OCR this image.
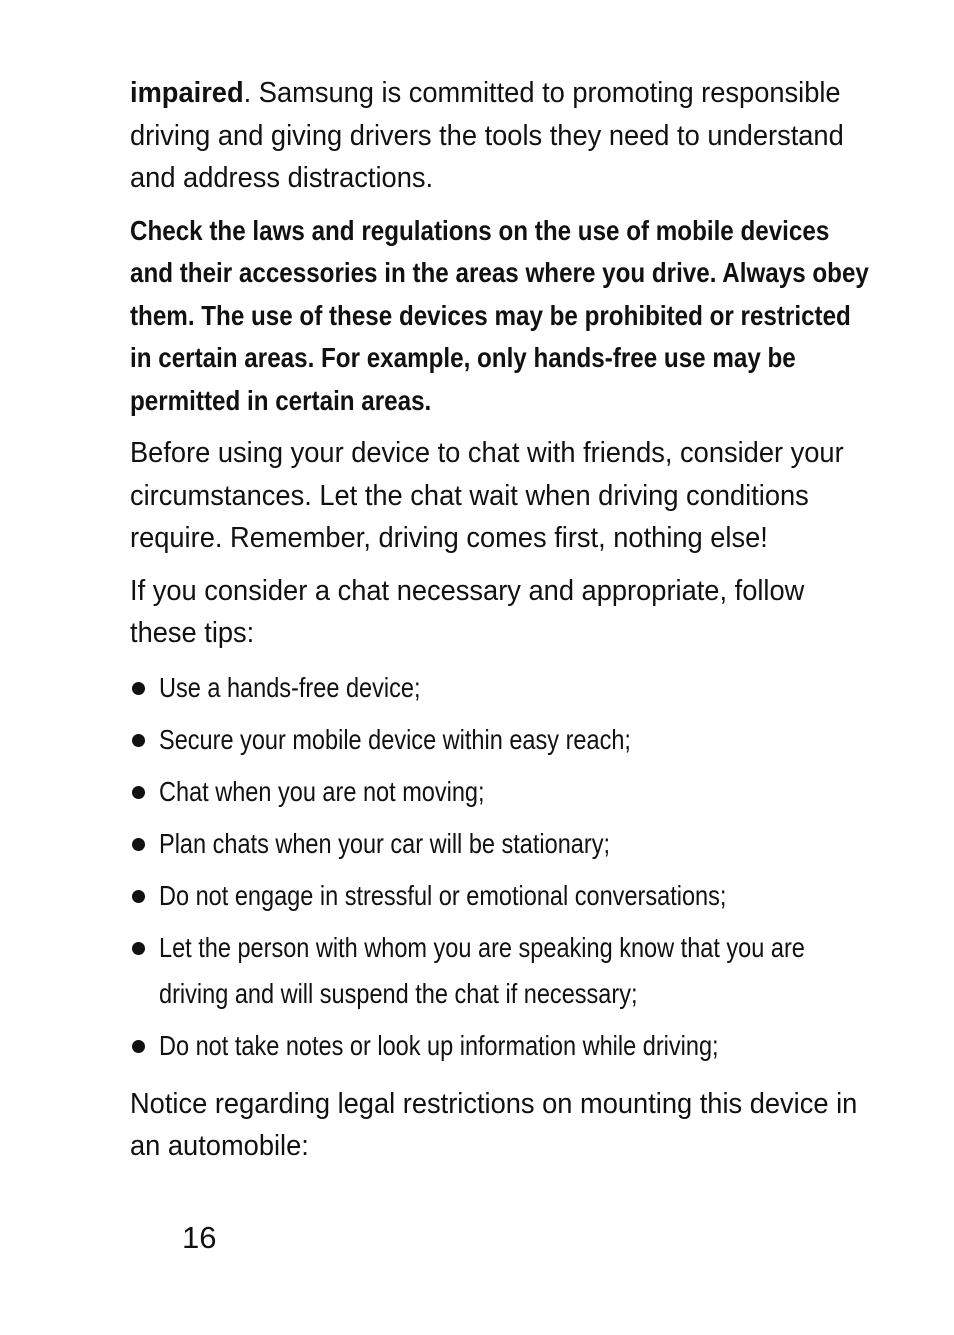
impaired. Samsung is committed to promoting responsible driving and giving drivers the tools they need to understand and address distractions.

Check the laws and regulations on the use of mobile devices and their accessories in the areas where you drive. Always obey them. The use of these devices may be prohibited or restricted in certain areas. For example, only hands-free use may be permitted in certain areas.

Before using your device to chat with friends, consider your circumstances. Let the chat wait when driving conditions require. Remember, driving comes first, nothing else!

If you consider a chat necessary and appropriate, follow these tips:

Use a hands-free device;
Secure your mobile device within easy reach;
Chat when you are not moving;
Plan chats when your car will be stationary;
Do not engage in stressful or emotional conversations;
Let the person with whom you are speaking know that you are driving and will suspend the chat if necessary;
Do not take notes or look up information while driving;

Notice regarding legal restrictions on mounting this device in an automobile:

16
